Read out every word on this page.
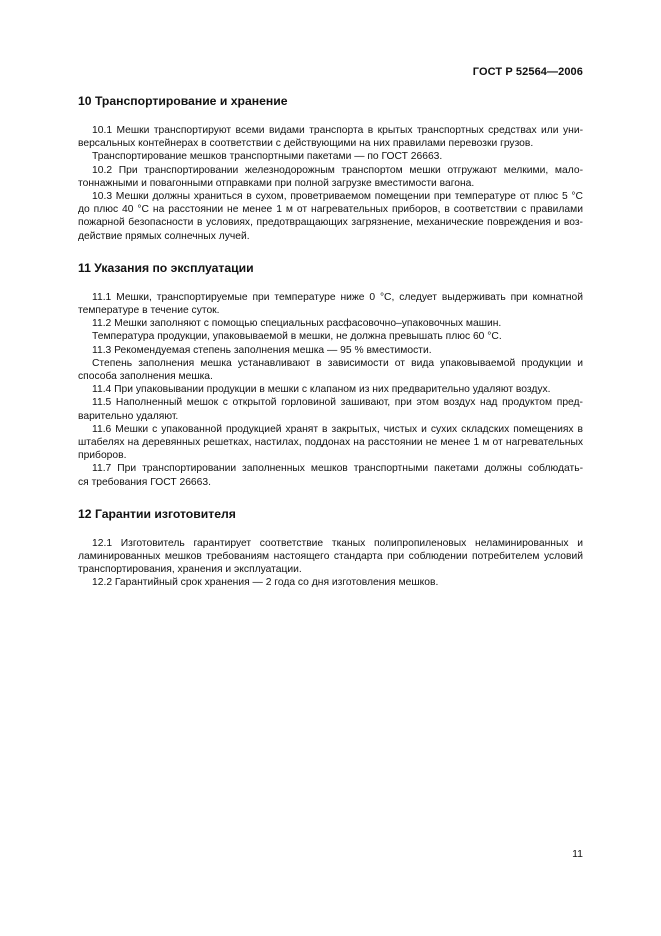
ГОСТ Р 52564—2006
10 Транспортирование и хранение
10.1 Мешки транспортируют всеми видами транспорта в крытых транспортных средствах или уни-
версальных контейнерах в соответствии с действующими на них правилами перевозки грузов.
Транспортирование мешков транспортными пакетами — по ГОСТ 26663.
10.2 При транспортировании железнодорожным транспортом мешки отгружают мелкими, мало-
тоннажными и повагонными отправками при полной загрузке вместимости вагона.
10.3 Мешки должны храниться в сухом, проветриваемом помещении при температуре от плюс 5 °С
до плюс 40 °С на расстоянии не менее 1 м от нагревательных приборов, в соответствии с правилами
пожарной безопасности в условиях, предотвращающих загрязнение, механические повреждения и воз-
действие прямых солнечных лучей.
11 Указания по эксплуатации
11.1 Мешки, транспортируемые при температуре ниже 0 °С, следует выдерживать при комнатной
температуре в течение суток.
11.2 Мешки заполняют с помощью специальных расфасовочно–упаковочных машин.
Температура продукции, упаковываемой в мешки, не должна превышать плюс 60 °С.
11.3 Рекомендуемая степень заполнения мешка — 95 % вместимости.
Степень заполнения мешка устанавливают в зависимости от вида упаковываемой продукции и
способа заполнения мешка.
11.4 При упаковывании продукции в мешки с клапаном из них предварительно удаляют воздух.
11.5 Наполненный мешок с открытой горловиной зашивают, при этом воздух над продуктом пред-
варительно удаляют.
11.6 Мешки с упакованной продукцией хранят в закрытых, чистых и сухих складских помещениях в
штабелях на деревянных решетках, настилах, поддонах на расстоянии не менее 1 м от нагревательных
приборов.
11.7 При транспортировании заполненных мешков транспортными пакетами должны соблюдать-
ся требования ГОСТ 26663.
12 Гарантии изготовителя
12.1 Изготовитель гарантирует соответствие тканых полипропиленовых неламинированных и
ламинированных мешков требованиям настоящего стандарта при соблюдении потребителем условий
транспортирования, хранения и эксплуатации.
12.2 Гарантийный срок хранения — 2 года со дня изготовления мешков.
11
